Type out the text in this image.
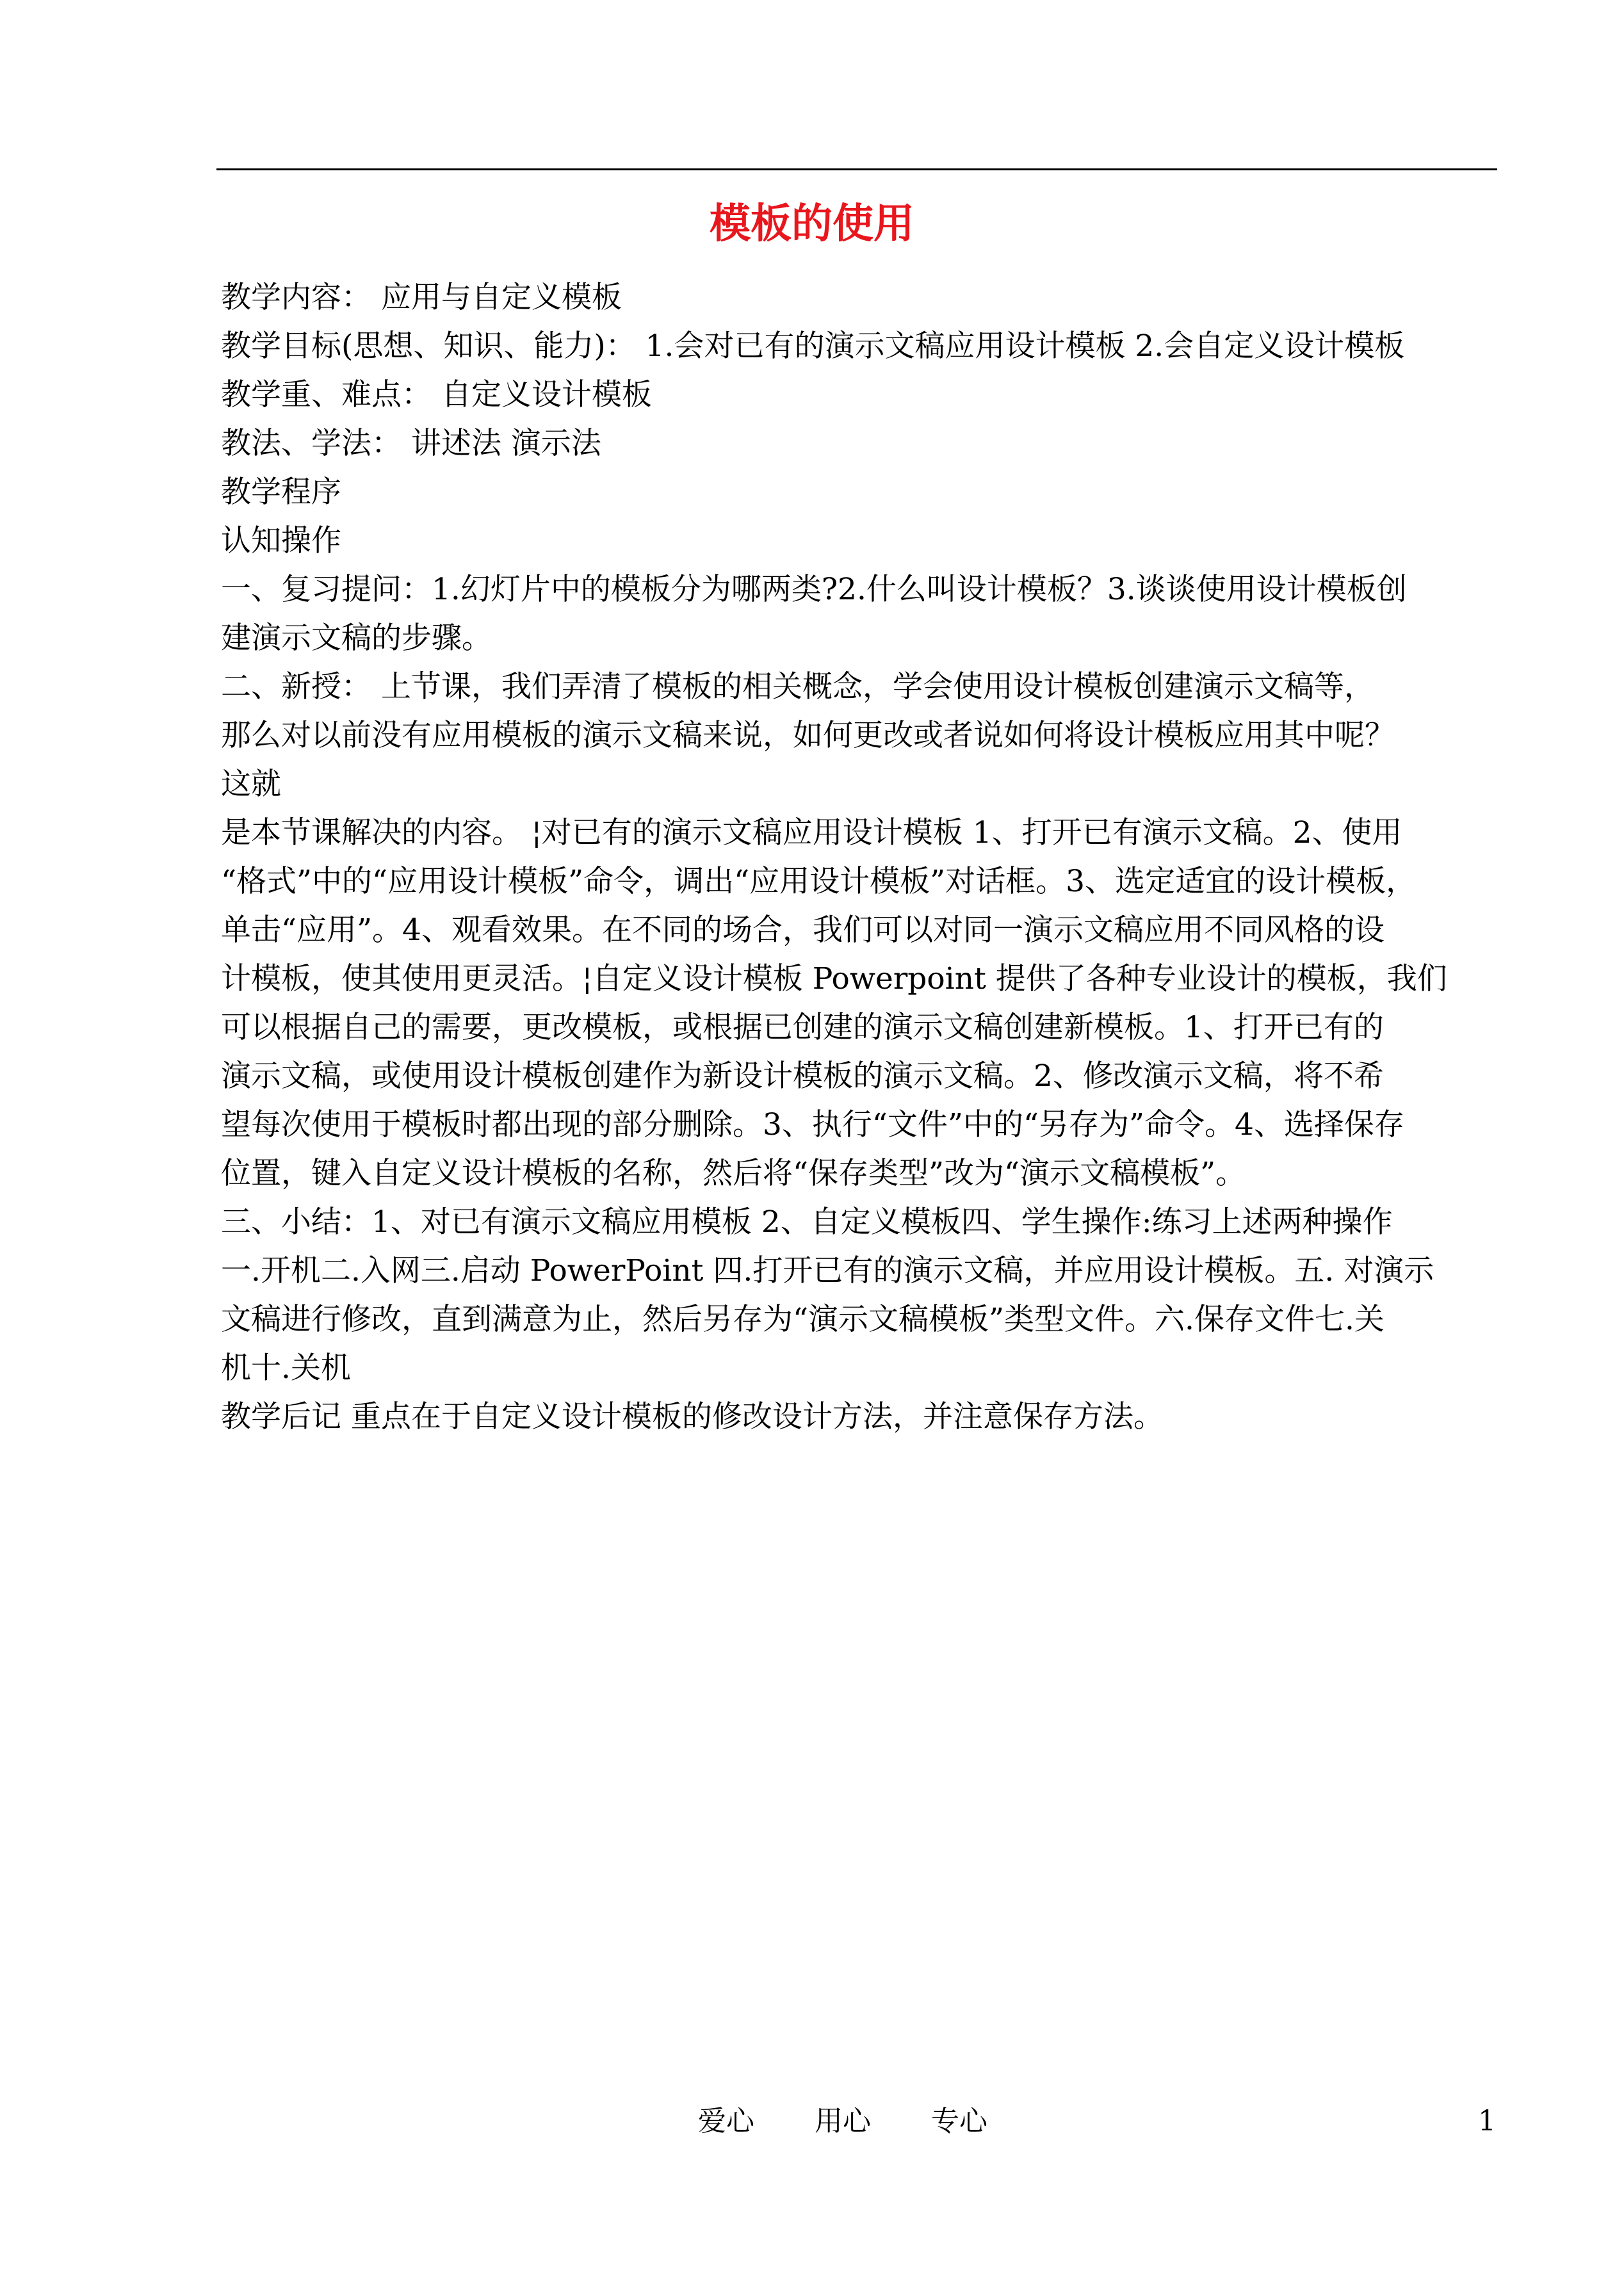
模板的使用

教学内容： 应用与自定义模板

教学目标(思想、知识、能力)： 1.会对已有的演示文稿应用设计模板 2.会自定义设计模板

教学重、难点： 自定义设计模板

教法、学法： 讲述法 演示法

教学程序

认知操作

一、复习提问：1.幻灯片中的模板分为哪两类?2.什么叫设计模板？3.谈谈使用设计模板创

建演示文稿的步骤。

二、新授： 上节课，我们弄清了模板的相关概念，学会使用设计模板创建演示文稿等，

那么对以前没有应用模板的演示文稿来说，如何更改或者说如何将设计模板应用其中呢？

这就

是本节课解决的内容。 ¦对已有的演示文稿应用设计模板 1、打开已有演示文稿。2、使用

“格式”中的“应用设计模板”命令，调出“应用设计模板”对话框。3、选定适宜的设计模板，

单击“应用”。4、观看效果。在不同的场合，我们可以对同一演示文稿应用不同风格的设

计模板，使其使用更灵活。¦自定义设计模板 Powerpoint 提供了各种专业设计的模板，我们

可以根据自己的需要，更改模板，或根据已创建的演示文稿创建新模板。1、打开已有的

演示文稿，或使用设计模板创建作为新设计模板的演示文稿。2、修改演示文稿，将不希

望每次使用于模板时都出现的部分删除。3、执行“文件”中的“另存为”命令。4、选择保存

位置，键入自定义设计模板的名称，然后将“保存类型”改为“演示文稿模板”。

三、小结：1、对已有演示文稿应用模板 2、自定义模板四、学生操作:练习上述两种操作

一.开机二.入网三.启动 PowerPoint 四.打开已有的演示文稿，并应用设计模板。五. 对演示

文稿进行修改，直到满意为止，然后另存为“演示文稿模板”类型文件。六.保存文件七.关

机十.关机

教学后记 重点在于自定义设计模板的修改设计方法，并注意保存方法。

爱心 用心 专心	1
